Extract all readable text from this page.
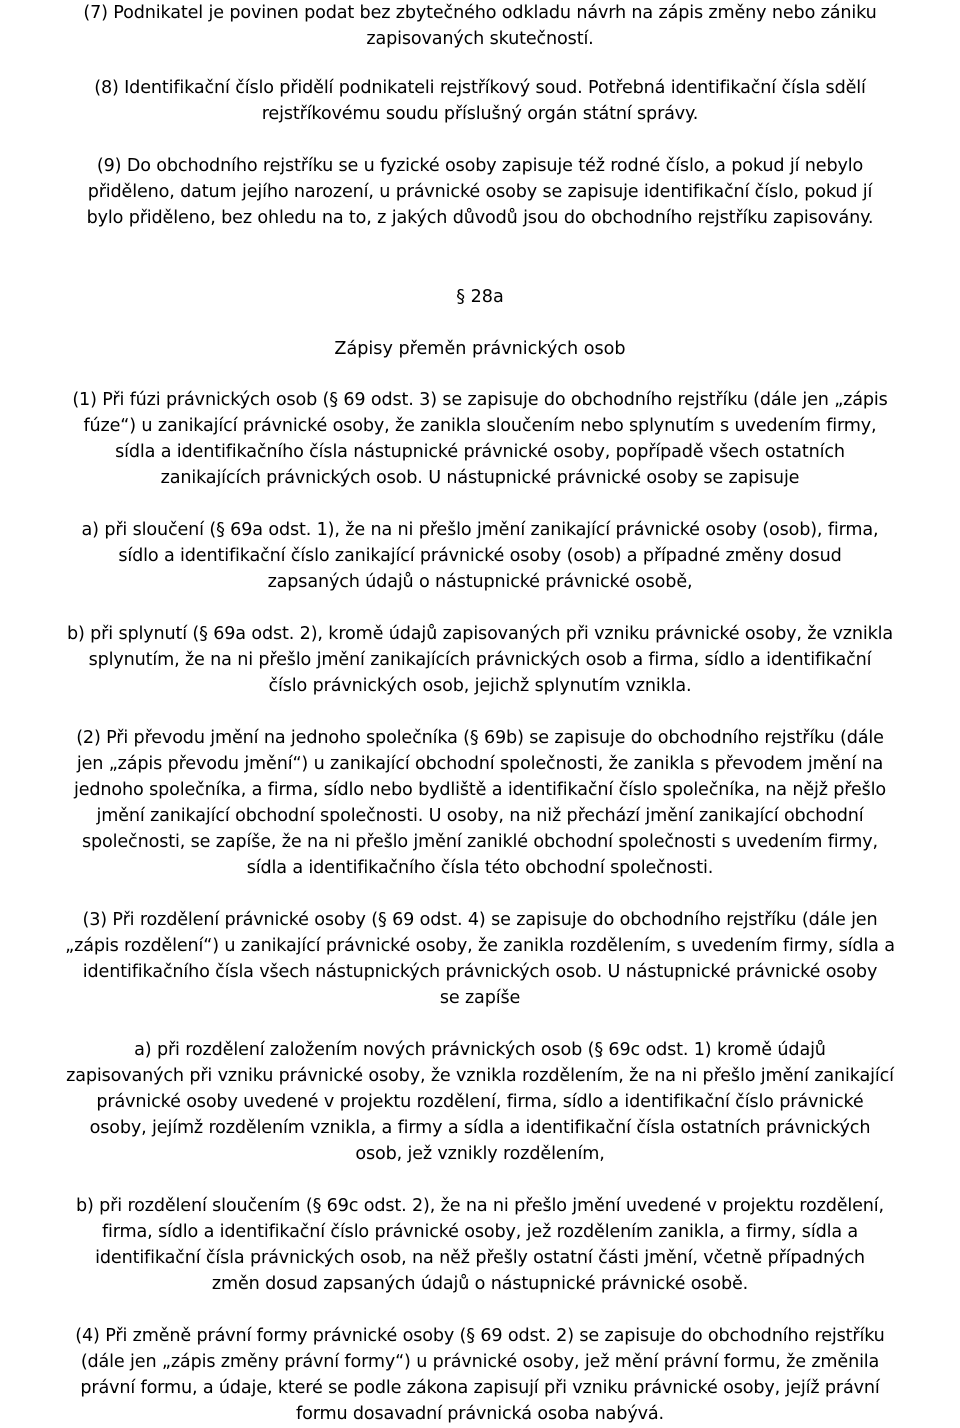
(7) Podnikatel je povinen podat bez zbytečného odkladu návrh na zápis změny nebo zániku
zapisovaných skutečností.
(8) Identifikační číslo přidělí podnikateli rejstříkový soud. Potřebná identifikační čísla sdělí
rejstříkovému soudu příslušný orgán státní správy.
(9) Do obchodního rejstříku se u fyzické osoby zapisuje též rodné číslo, a pokud jí nebylo
přiděleno, datum jejího narození, u právnické osoby se zapisuje identifikační číslo, pokud jí
bylo přiděleno, bez ohledu na to, z jakých důvodů jsou do obchodního rejstříku zapisovány.
§ 28a
Zápisy přeměn právnických osob
(1) Při fúzi právnických osob (§ 69 odst. 3) se zapisuje do obchodního rejstříku (dále jen „zápis
fúze“) u zanikající právnické osoby, že zanikla sloučením nebo splynutím s uvedením firmy,
sídla a identifikačního čísla nástupnické právnické osoby, popřípadě všech ostatních
zanikajících právnických osob. U nástupnické právnické osoby se zapisuje
a) při sloučení (§ 69a odst. 1), že na ni přešlo jmění zanikající právnické osoby (osob), firma,
sídlo a identifikační číslo zanikající právnické osoby (osob) a případné změny dosud
zapsaných údajů o nástupnické právnické osobě,
b) při splynutí (§ 69a odst. 2), kromě údajů zapisovaných při vzniku právnické osoby, že vznikla
splynutím, že na ni přešlo jmění zanikajících právnických osob a firma, sídlo a identifikační
číslo právnických osob, jejichž splynutím vznikla.
(2) Při převodu jmění na jednoho společníka (§ 69b) se zapisuje do obchodního rejstříku (dále
jen „zápis převodu jmění“) u zanikající obchodní společnosti, že zanikla s převodem jmění na
jednoho společníka, a firma, sídlo nebo bydliště a identifikační číslo společníka, na nějž přešlo
jmění zanikající obchodní společnosti. U osoby, na niž přechází jmění zanikající obchodní
společnosti, se zapíše, že na ni přešlo jmění zaniklé obchodní společnosti s uvedením firmy,
sídla a identifikačního čísla této obchodní společnosti.
(3) Při rozdělení právnické osoby (§ 69 odst. 4) se zapisuje do obchodního rejstříku (dále jen
„zápis rozdělení“) u zanikající právnické osoby, že zanikla rozdělením, s uvedením firmy, sídla a
identifikačního čísla všech nástupnických právnických osob. U nástupnické právnické osoby
se zapíše
a) při rozdělení založením nových právnických osob (§ 69c odst. 1) kromě údajů
zapisovaných při vzniku právnické osoby, že vznikla rozdělením, že na ni přešlo jmění zanikající
právnické osoby uvedené v projektu rozdělení, firma, sídlo a identifikační číslo právnické
osoby, jejímž rozdělením vznikla, a firmy a sídla a identifikační čísla ostatních právnických
osob, jež vznikly rozdělením,
b) při rozdělení sloučením (§ 69c odst. 2), že na ni přešlo jmění uvedené v projektu rozdělení,
firma, sídlo a identifikační číslo právnické osoby, jež rozdělením zanikla, a firmy, sídla a
identifikační čísla právnických osob, na něž přešly ostatní části jmění, včetně případných
změn dosud zapsaných údajů o nástupnické právnické osobě.
(4) Při změně právní formy právnické osoby (§ 69 odst. 2) se zapisuje do obchodního rejstříku
(dále jen „zápis změny právní formy“) u právnické osoby, jež mění právní formu, že změnila
právní formu, a údaje, které se podle zákona zapisují při vzniku právnické osoby, jejíž právní
formu dosavadní právnická osoba nabývá.
